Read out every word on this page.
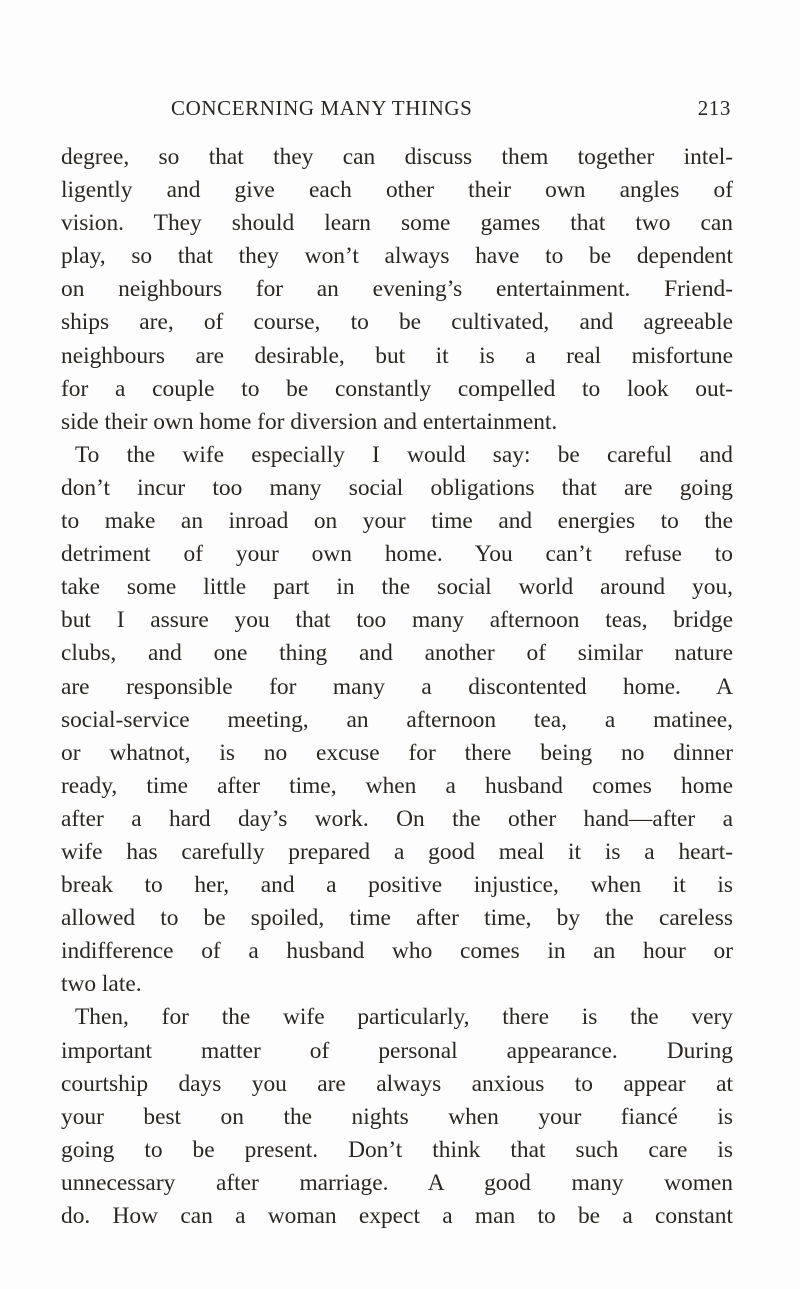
CONCERNING MANY THINGS	213
degree, so that they can discuss them together intel-
ligently and give each other their own angles of
vision. They should learn some games that two can
play, so that they won’t always have to be dependent
on neighbours for an evening’s entertainment. Friend-
ships are, of course, to be cultivated, and agreeable
neighbours are desirable, but it is a real misfortune
for a couple to be constantly compelled to look out-
side their own home for diversion and entertainment.
To the wife especially I would say: be careful and
don’t incur too many social obligations that are going
to make an inroad on your time and energies to the
detriment of your own home. You can’t refuse to
take some little part in the social world around you,
but I assure you that too many afternoon teas, bridge
clubs, and one thing and another of similar nature
are responsible for many a discontented home. A
social-service meeting, an afternoon tea, a matinee,
or whatnot, is no excuse for there being no dinner
ready, time after time, when a husband comes home
after a hard day’s work. On the other hand—after a
wife has carefully prepared a good meal it is a heart-
break to her, and a positive injustice, when it is
allowed to be spoiled, time after time, by the careless
indifference of a husband who comes in an hour or
two late.
Then, for the wife particularly, there is the very
important matter of personal appearance. During
courtship days you are always anxious to appear at
your best on the nights when your fiancé is
going to be present. Don’t think that such care is
unnecessary after marriage. A good many women
do. How can a woman expect a man to be a constant
